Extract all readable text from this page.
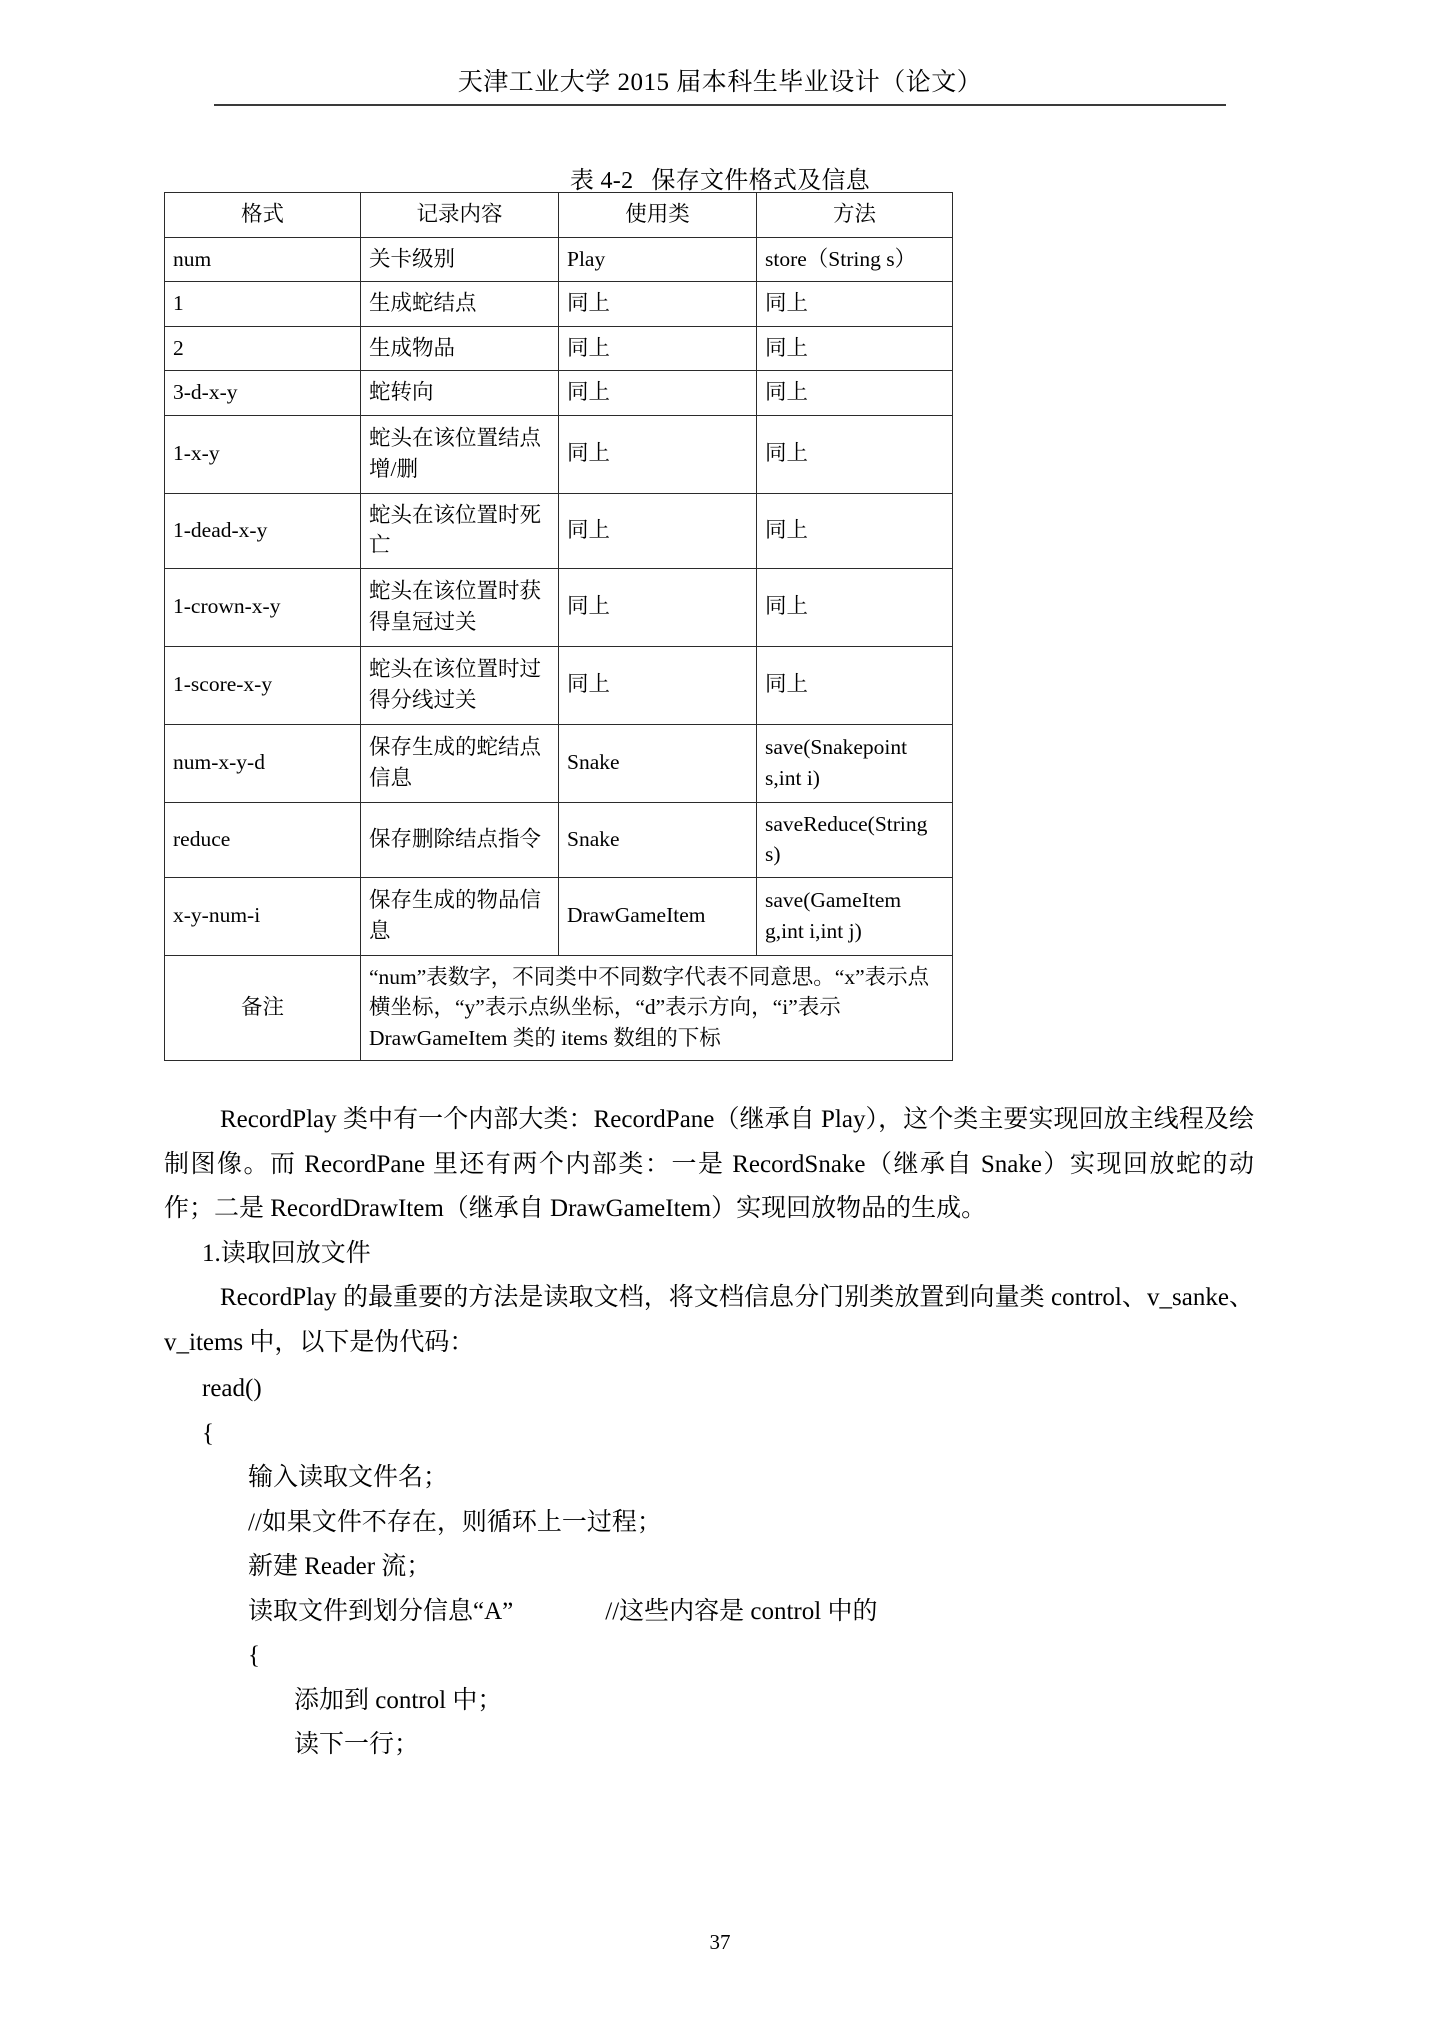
天津工业大学 2015 届本科生毕业设计（论文）
表 4-2 保存文件格式及信息
格式	记录内容	使用类	方法
num	关卡级别	Play	store（String s）
1	生成蛇结点	同上	同上
2	生成物品	同上	同上
3-d-x-y	蛇转向	同上	同上
1-x-y	蛇头在该位置结点增/删	同上	同上
1-dead-x-y	蛇头在该位置时死亡	同上	同上
1-crown-x-y	蛇头在该位置时获得皇冠过关	同上	同上
1-score-x-y	蛇头在该位置时过得分线过关	同上	同上
num-x-y-d	保存生成的蛇结点信息	Snake	save(Snakepoint s,int i)
reduce	保存删除结点指令	Snake	saveReduce(String s)
x-y-num-i	保存生成的物品信息	DrawGameItem	save(GameItem g,int i,int j)
备注	“num”表数字，不同类中不同数字代表不同意思。“x”表示点横坐标，“y”表示点纵坐标，“d”表示方向，“i”表示 DrawGameItem 类的 items 数组的下标		

RecordPlay 类中有一个内部大类：RecordPane（继承自 Play），这个类主要实现回放主线程及绘制图像。而 RecordPane 里还有两个内部类：一是 RecordSnake（继承自 Snake）实现回放蛇的动作；二是 RecordDrawItem（继承自 DrawGameItem）实现回放物品的生成。

1.读取回放文件

RecordPlay 的最重要的方法是读取文档，将文档信息分门别类放置到向量类 control、v_sanke、v_items 中，以下是伪代码：

read()
{
输入读取文件名；
//如果文件不存在，则循环上一过程；
新建 Reader 流；
读取文件到划分信息“A”	//这些内容是 control 中的
{
添加到 control 中；
读下一行；
37
